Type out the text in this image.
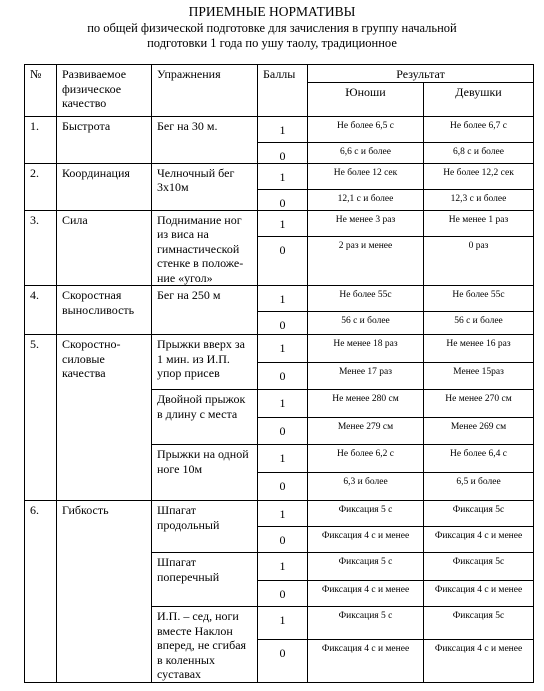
ПРИЕМНЫЕ НОРМАТИВЫ
по общей физической подготовке для зачисления в группу начальной
подготовки 1 года по ушу таолу, традиционное
№	Развиваемое физическое качество	Упражнения	Баллы	Результат	
				Юноши	Девушки
1.	Быстрота	Бег на 30 м.	1	Не более 6,5 с	Не более 6,7 с
			0	6,6 с и более	6,8 с и более
2.	Координация	Челночный бег 3х10м	1	Не более 12 сек	Не более 12,2 сек
			0	12,1 с и более	12,3 с и более
3.	Сила	Поднимание ног из виса на гимнастической стенке в положе-ние «угол»	1	Не менее 3 раз	Не менее 1 раз
			0	2 раз и менее	0 раз
4.	Скоростная выносливость	Бег на 250 м	1	Не более 55с	Не более 55с
			0	56 с и более	56 с и более
5.	Скоростно-силовые качества	Прыжки вверх за 1 мин. из И.П. упор присев	1	Не менее 18 раз	Не менее 16 раз
			0	Менее 17 раз	Менее 15раз
		Двойной прыжок в длину с места	1	Не менее 280 см	Не менее 270 см
			0	Менее 279 см	Менее 269 см
		Прыжки на одной ноге 10м	1	Не более 6,2 с	Не более 6,4 с
			0	6,3 и более	6,5 и более
6.	Гибкость	Шпагат продольный	1	Фиксация 5 с	Фиксация 5с
			0	Фиксация 4 с и менее	Фиксация 4 с и менее
		Шпагат поперечный	1	Фиксация 5 с	Фиксация 5с
			0	Фиксация 4 с и менее	Фиксация 4 с и менее
		И.П. – сед, ноги вместе Наклон вперед, не сгибая в коленных суставах	1	Фиксация 5 с	Фиксация 5с
			0	Фиксация 4 с и менее	Фиксация 4 с и менее
